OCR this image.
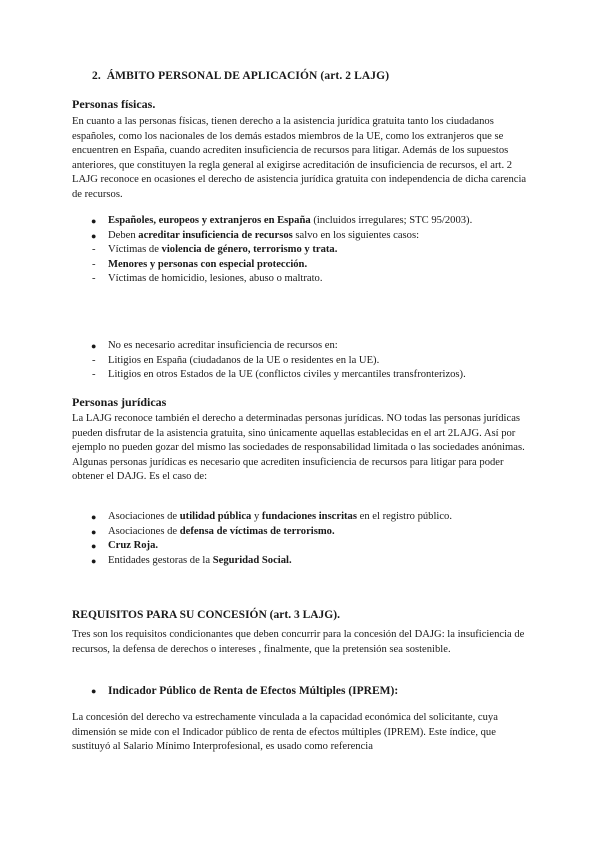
2. ÁMBITO PERSONAL DE APLICACIÓN (art. 2 LAJG)
Personas físicas.

En cuanto a las personas físicas, tienen derecho a la asistencia jurídica gratuita tanto los ciudadanos españoles, como los nacionales de los demás estados miembros de la UE, como los extranjeros que se encuentren en España, cuando acrediten insuficiencia de recursos para litigar. Además de los supuestos anteriores, que constituyen la regla general al exigirse acreditación de insuficiencia de recursos, el art. 2 LAJG reconoce en ocasiones el derecho de asistencia jurídica gratuita con independencia de dicha carencia de recursos.

● Españoles, europeos y extranjeros en España (incluidos irregulares; STC 95/2003).
● Deben acreditar insuficiencia de recursos salvo en los siguientes casos:
- Víctimas de violencia de género, terrorismo y trata.
- Menores y personas con especial protección.
- Víctimas de homicidio, lesiones, abuso o maltrato.
● No es necesario acreditar insuficiencia de recursos en:
- Litigios en España (ciudadanos de la UE o residentes en la UE).
- Litigios en otros Estados de la UE (conflictos civiles y mercantiles transfronterizos).
Personas jurídicas

La LAJG reconoce también el derecho a determinadas personas jurídicas. NO todas las personas jurídicas pueden disfrutar de la asistencia gratuita, sino únicamente aquellas establecidas en el art 2LAJG. Así por ejemplo no pueden gozar del mismo las sociedades de responsabilidad limitada o las sociedades anónimas. Algunas personas jurídicas es necesario que acrediten insuficiencia de recursos para litigar para poder obtener el DAJG. Es el caso de:

● Asociaciones de utilidad pública y fundaciones inscritas en el registro público.
● Asociaciones de defensa de víctimas de terrorismo.
● Cruz Roja.
● Entidades gestoras de la Seguridad Social.
REQUISITOS PARA SU CONCESIÓN (art. 3 LAJG).

Tres son los requisitos condicionantes que deben concurrir para la concesión del DAJG: la insuficiencia de recursos, la defensa de derechos o intereses , finalmente, que la pretensión sea sostenible.

● Indicador Público de Renta de Efectos Múltiples (IPREM):

La concesión del derecho va estrechamente vinculada a la capacidad económica del solicitante, cuya dimensión se mide con el Indicador público de renta de efectos múltiples (IPREM). Este índice, que sustituyó al Salario Mínimo Interprofesional, es usado como referencia
